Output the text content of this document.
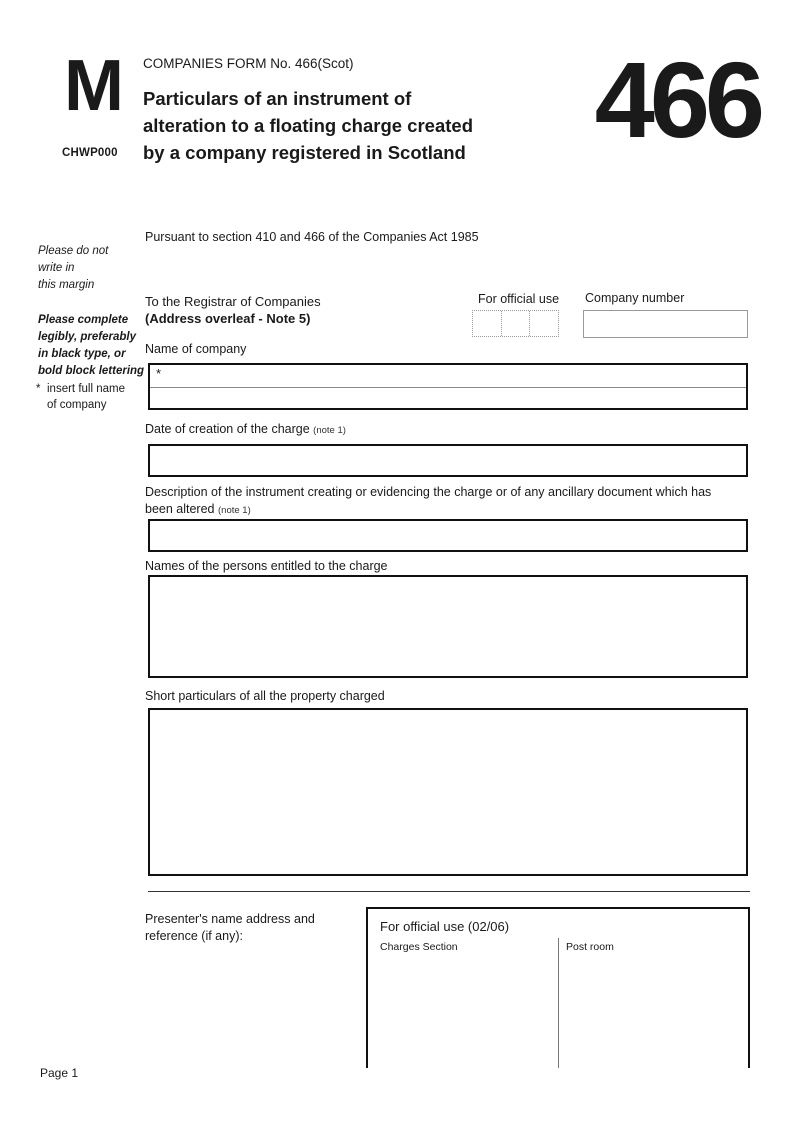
M
CHWP000
COMPANIES FORM No. 466(Scot)
Particulars of an instrument of
alteration to a floating charge created
by a company registered in Scotland	466
Please do not
write in
this margin
Please complete
legibly, preferably
in black type, or
bold block lettering
* insert full name
of company
Pursuant to section 410 and 466 of the Companies Act 1985
To the Registrar of Companies
(Address overleaf - Note 5)
For official use Company number
Name of company
*
Date of creation of the charge (note 1)
Description of the instrument creating or evidencing the charge or of any ancillary document which has been altered (note 1)
Names of the persons entitled to the charge
Short particulars of all the property charged
Presenter's name address and
reference (if any):
For official use (02/06)
Charges Section	Post room
Page 1
